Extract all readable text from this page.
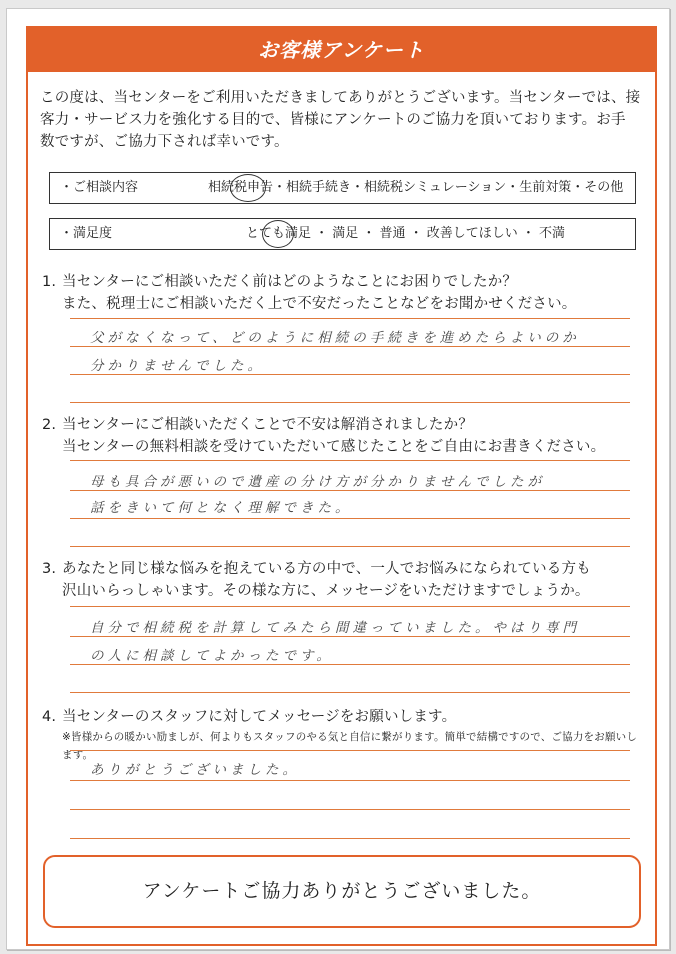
お客様アンケート
この度は、当センターをご利用いただきましてありがとうございます。当センターでは、接
客力・サービス力を強化する目的で、皆様にアンケートのご協力を頂いております。お手
数ですが、ご協力下されば幸いです。
・ご相談内容	相続税申告・相続手続き・相続税シミュレーション・生前対策・その他
・満足度	とても満足 ・ 満足 ・ 普通 ・ 改善してほしい ・ 不満
1. 当センターにご相談いただく前はどのようなことにお困りでしたか？
また、税理士にご相談いただく上で不安だったことなどをお聞かせください。
父がなくなって、どのように相続の手続きを進めたらよいのか
分かりませんでした。
2. 当センターにご相談いただくことで不安は解消されましたか？
当センターの無料相談を受けていただいて感じたことをご自由にお書きください。
母も具合が悪いので遺産の分け方が分かりませんでしたが
話をきいて何となく理解できた。
3. あなたと同じ様な悩みを抱えている方の中で、一人でお悩みになられている方も
沢山いらっしゃいます。その様な方に、メッセージをいただけますでしょうか。
自分で相続税を計算してみたら間違っていました。やはり専門
の人に相談してよかったです。
4. 当センターのスタッフに対してメッセージをお願いします。
※皆様からの暖かい励ましが、何よりもスタッフのやる気と自信に繋がります。簡単で結構ですので、ご協力をお願いします。
ありがとうございました。
アンケートご協力ありがとうございました。
